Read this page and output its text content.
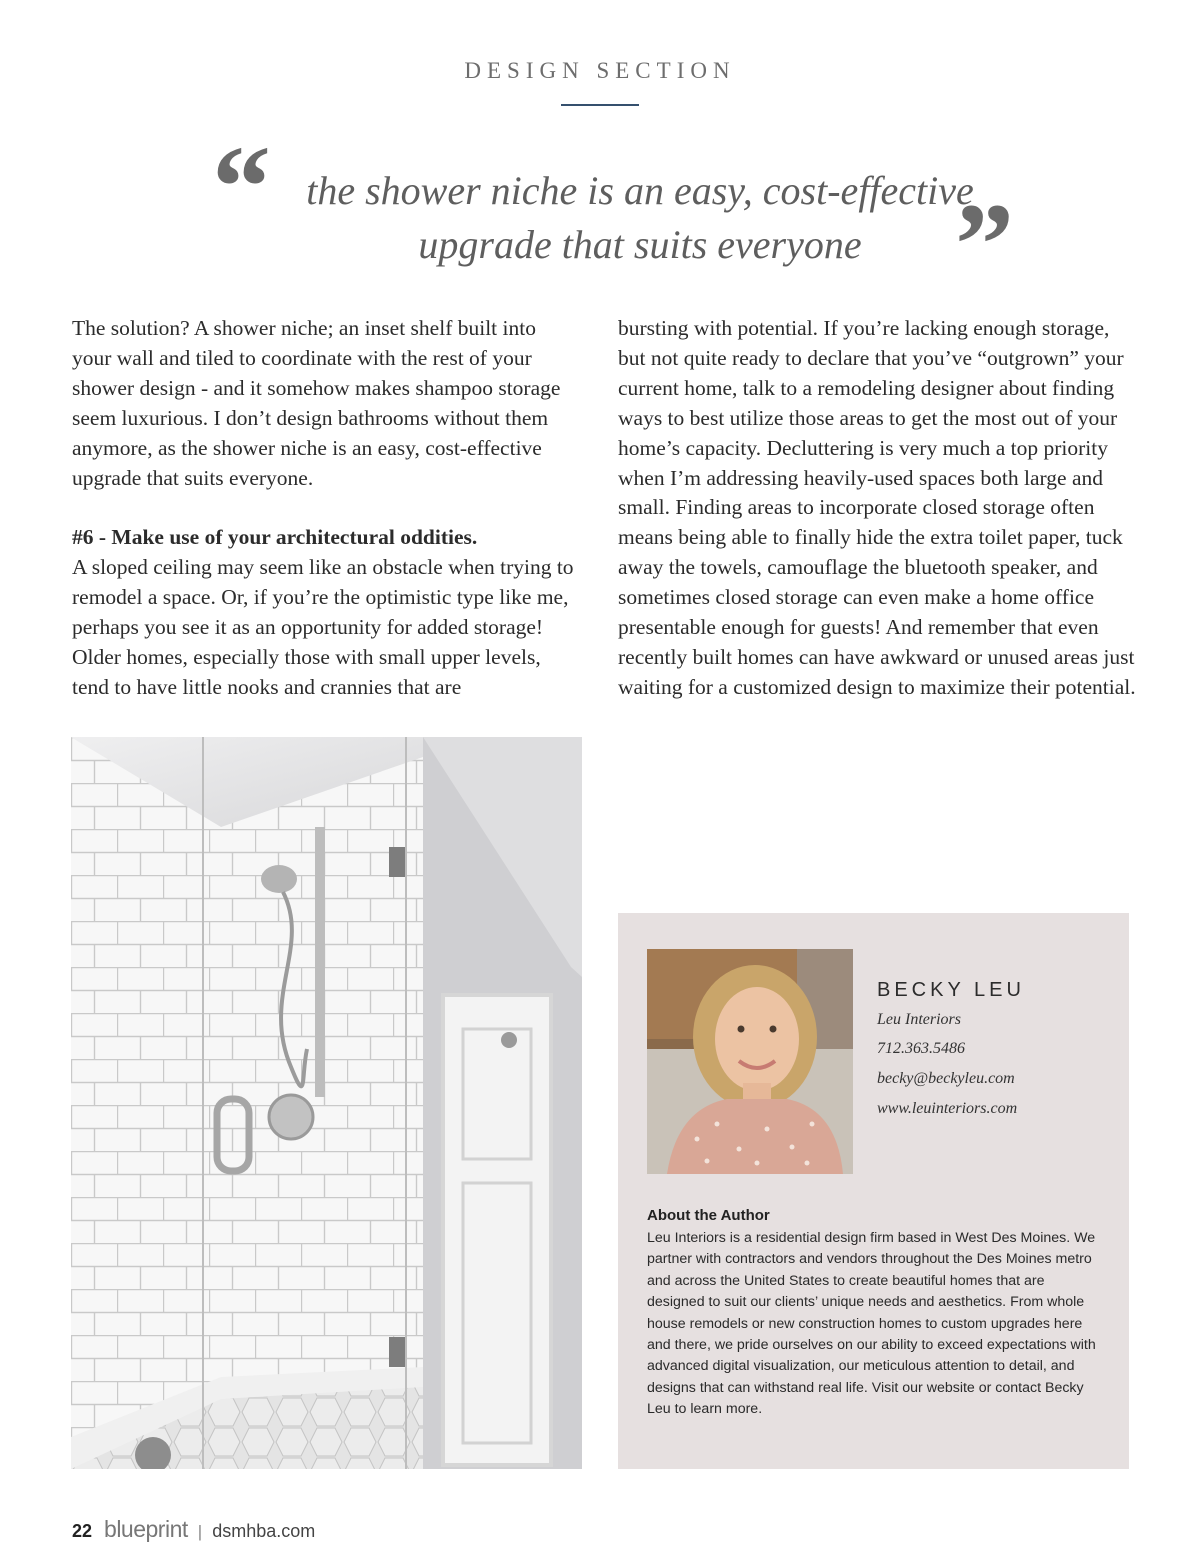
DESIGN SECTION
“ the shower niche is an easy, cost-effective
upgrade that suits everyone ”

The solution? A shower niche; an inset shelf built into your wall and tiled to coordinate with the rest of your shower design - and it somehow makes shampoo storage seem luxurious. I don’t design bathrooms without them anymore, as the shower niche is an easy, cost-effective upgrade that suits everyone.

#6 - Make use of your architectural oddities.

A sloped ceiling may seem like an obstacle when trying to remodel a space. Or, if you’re the optimistic type like me, perhaps you see it as an opportunity for added storage! Older homes, especially those with small upper levels, tend to have little nooks and crannies that are

bursting with potential. If you’re lacking enough storage, but not quite ready to declare that you’ve “outgrown” your current home, talk to a remodeling designer about finding ways to best utilize those areas to get the most out of your home’s capacity. Decluttering is very much a top priority when I’m addressing heavily-used spaces both large and small. Finding areas to incorporate closed storage often means being able to finally hide the extra toilet paper, tuck away the towels, camouflage the bluetooth speaker, and sometimes closed storage can even make a home office presentable enough for guests! And remember that even recently built homes can have awkward or unused areas just waiting for a customized design to maximize their potential.

BECKY LEU
Leu Interiors
712.363.5486
becky@beckyleu.com
www.leuinteriors.com
About the Author
Leu Interiors is a residential design firm based in West Des Moines. We partner with contractors and vendors throughout the Des Moines metro and across the United States to create beautiful homes that are designed to suit our clients’ unique needs and aesthetics. From whole house remodels or new construction homes to custom upgrades here and there, we pride ourselves on our ability to exceed expectations with advanced digital visualization, our meticulous attention to detail, and designs that can withstand real life. Visit our website or contact Becky Leu to learn more.
22 blueprint | dsmhba.com
